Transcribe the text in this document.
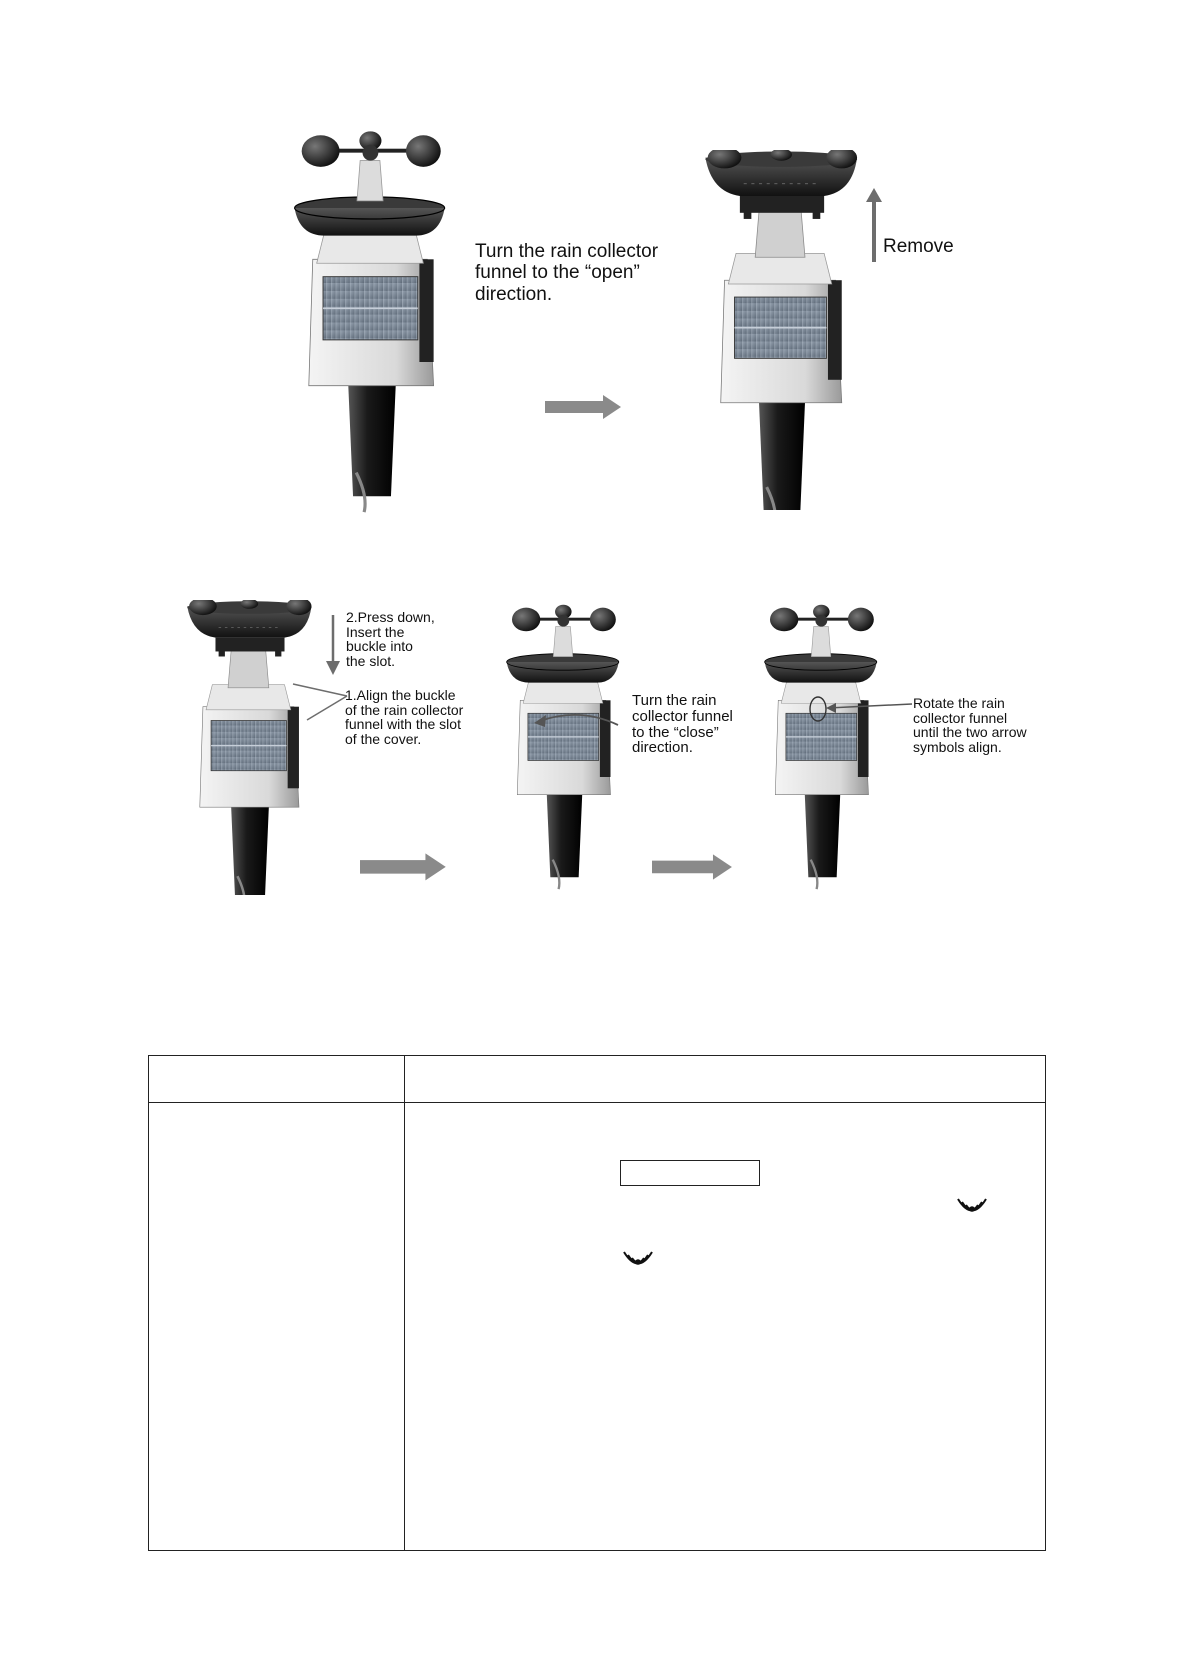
Turn the rain collector
funnel to the “open”
direction.
Remove
2.Press down,
Insert the
buckle into
the slot.
1.Align the buckle
of the rain collector
funnel with the slot
of the cover.
Turn the rain
collector funnel
to the “close”
direction.
Rotate the rain
collector funnel
until the two arrow
symbols align.
